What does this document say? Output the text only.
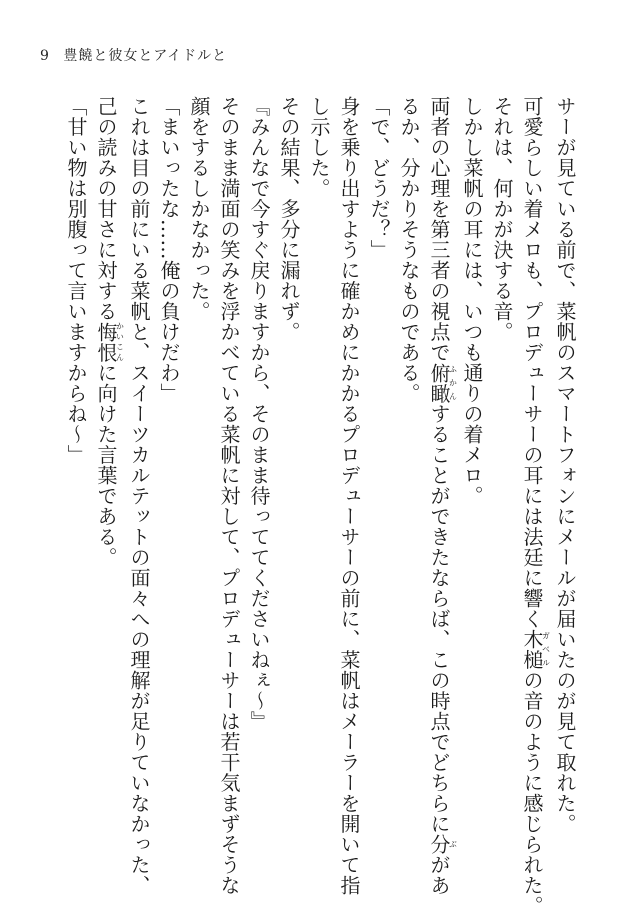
9 豊饒と彼女とアイドルと
サーが見ている前で、菜帆のスマートフォンにメールが届いたのが見て取れた。
可愛らしい着メロも、プロデューサーの耳には法廷に響く木槌ガベルの音のように感じられた。
それは、何かが決する音。
しかし菜帆の耳には、いつも通りの着メロ。
両者の心理を第三者の視点で俯瞰ふかんすることができたならば、この時点でどちらに分ぶがあ
るか、分かりそうなものである。
「で、どうだ？」
身を乗り出すように確かめにかかるプロデューサーの前に、菜帆はメーラーを開いて指
し示した。
その結果、多分に漏れず。
『みんなで今すぐ戻りますから、そのまま待っててくださいねぇ～』
そのまま満面の笑みを浮かべている菜帆に対して、プロデューサーは若干気まずそうな
顔をするしかなかった。
「まいったな……俺の負けだわ」
これは目の前にいる菜帆と、スイーツカルテットの面々への理解が足りていなかった、
己の読みの甘さに対する悔恨かいこんに向けた言葉である。
「甘い物は別腹って言いますからね～」
